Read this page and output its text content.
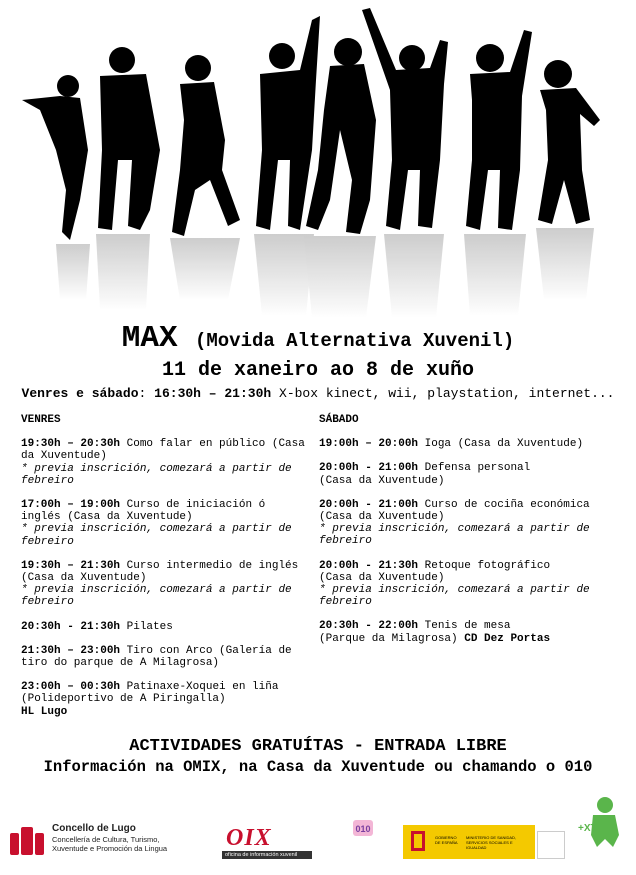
MAX (Movida Alternativa Xuvenil)
11 de xaneiro ao 8 de xuño
Venres e sábado: 16:30h – 21:30h X-box kinect, wii, playstation, internet...
VENRES
19:30h – 20:30h Como falar en público (Casa da Xuventude)
* previa inscrición, comezará a partir de febreiro
17:00h – 19:00h Curso de iniciación ó inglés (Casa da Xuventude)
* previa inscrición, comezará a partir de febreiro
19:30h – 21:30h Curso intermedio de inglés (Casa da Xuventude)
* previa inscrición, comezará a partir de febreiro
20:30h - 21:30h Pilates
21:30h – 23:00h Tiro con Arco (Galería de tiro do parque de A Milagrosa)
23:00h – 00:30h Patinaxe-Xoquei en liña (Polideportivo de A Piringalla)
HL Lugo
SÁBADO
19:00h – 20:00h Ioga (Casa da Xuventude)
20:00h - 21:00h Defensa personal
(Casa da Xuventude)
20:00h - 21:00h Curso de cociña económica (Casa da Xuventude)
* previa inscrición, comezará a partir de febreiro
20:00h - 21:30h Retoque fotográfico
(Casa da Xuventude)
* previa inscrición, comezará a partir de febreiro
20:30h - 22:00h Tenis de mesa
(Parque da Milagrosa) CD Dez Portas
ACTIVIDADES GRATUÍTAS - ENTRADA LIBRE
Información na OMIX, na Casa da Xuventude ou chamando o 010
Concello de Lugo
Concellería de Cultura, Turismo,
Xuventude e Promoción da Lingua OIX
oficina de información xuvenil
010
GOBIERNO DE ESPAÑA
MINISTERIO DE SANIDAD, SERVICIOS SOCIALES E IGUALDAD
+XT
